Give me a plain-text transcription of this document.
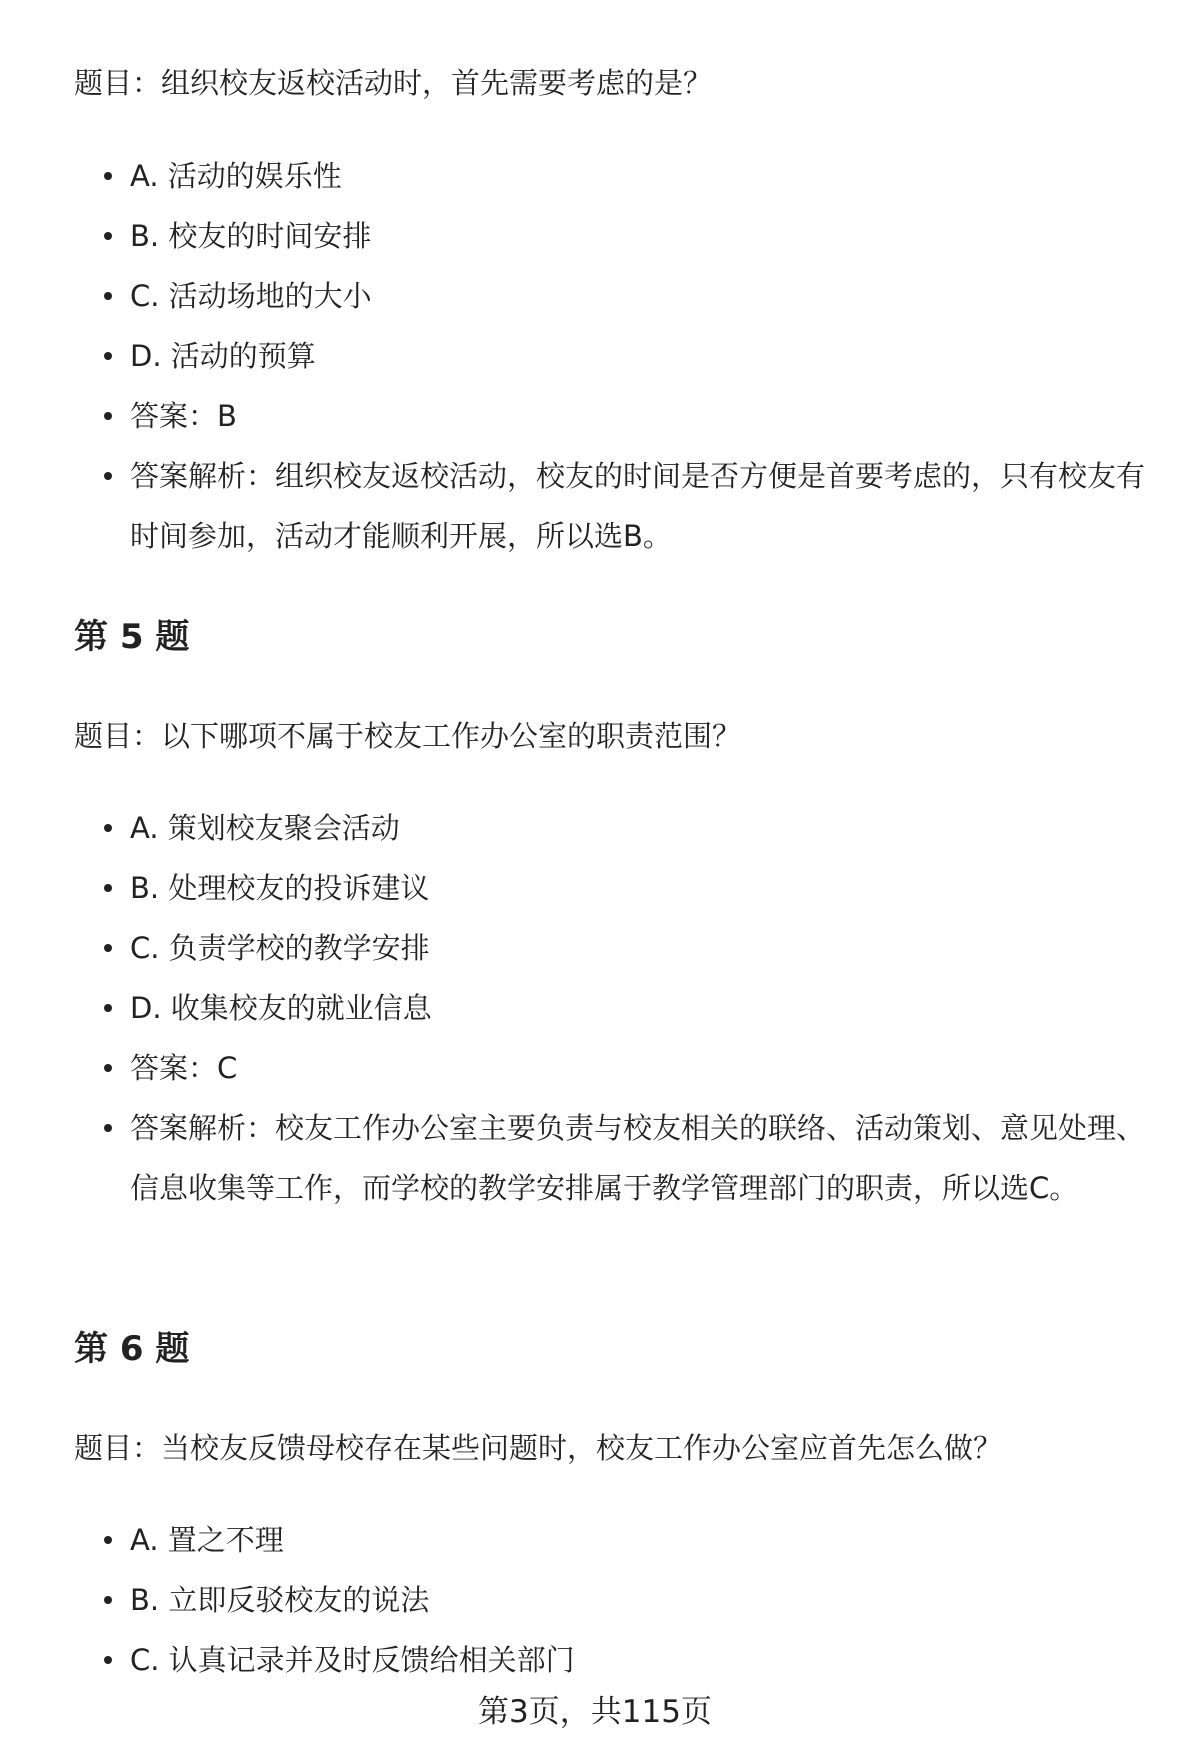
题目：组织校友返校活动时，首先需要考虑的是？
A. 活动的娱乐性
B. 校友的时间安排
C. 活动场地的大小
D. 活动的预算
答案：B
答案解析：组织校友返校活动，校友的时间是否方便是首要考虑的，只有校友有时间参加，活动才能顺利开展，所以选B。
第 5 题
题目：以下哪项不属于校友工作办公室的职责范围？
A. 策划校友聚会活动
B. 处理校友的投诉建议
C. 负责学校的教学安排
D. 收集校友的就业信息
答案：C
答案解析：校友工作办公室主要负责与校友相关的联络、活动策划、意见处理、信息收集等工作，而学校的教学安排属于教学管理部门的职责，所以选C。
第 6 题
题目：当校友反馈母校存在某些问题时，校友工作办公室应首先怎么做？
A. 置之不理
B. 立即反驳校友的说法
C. 认真记录并及时反馈给相关部门
第3页，共115页
